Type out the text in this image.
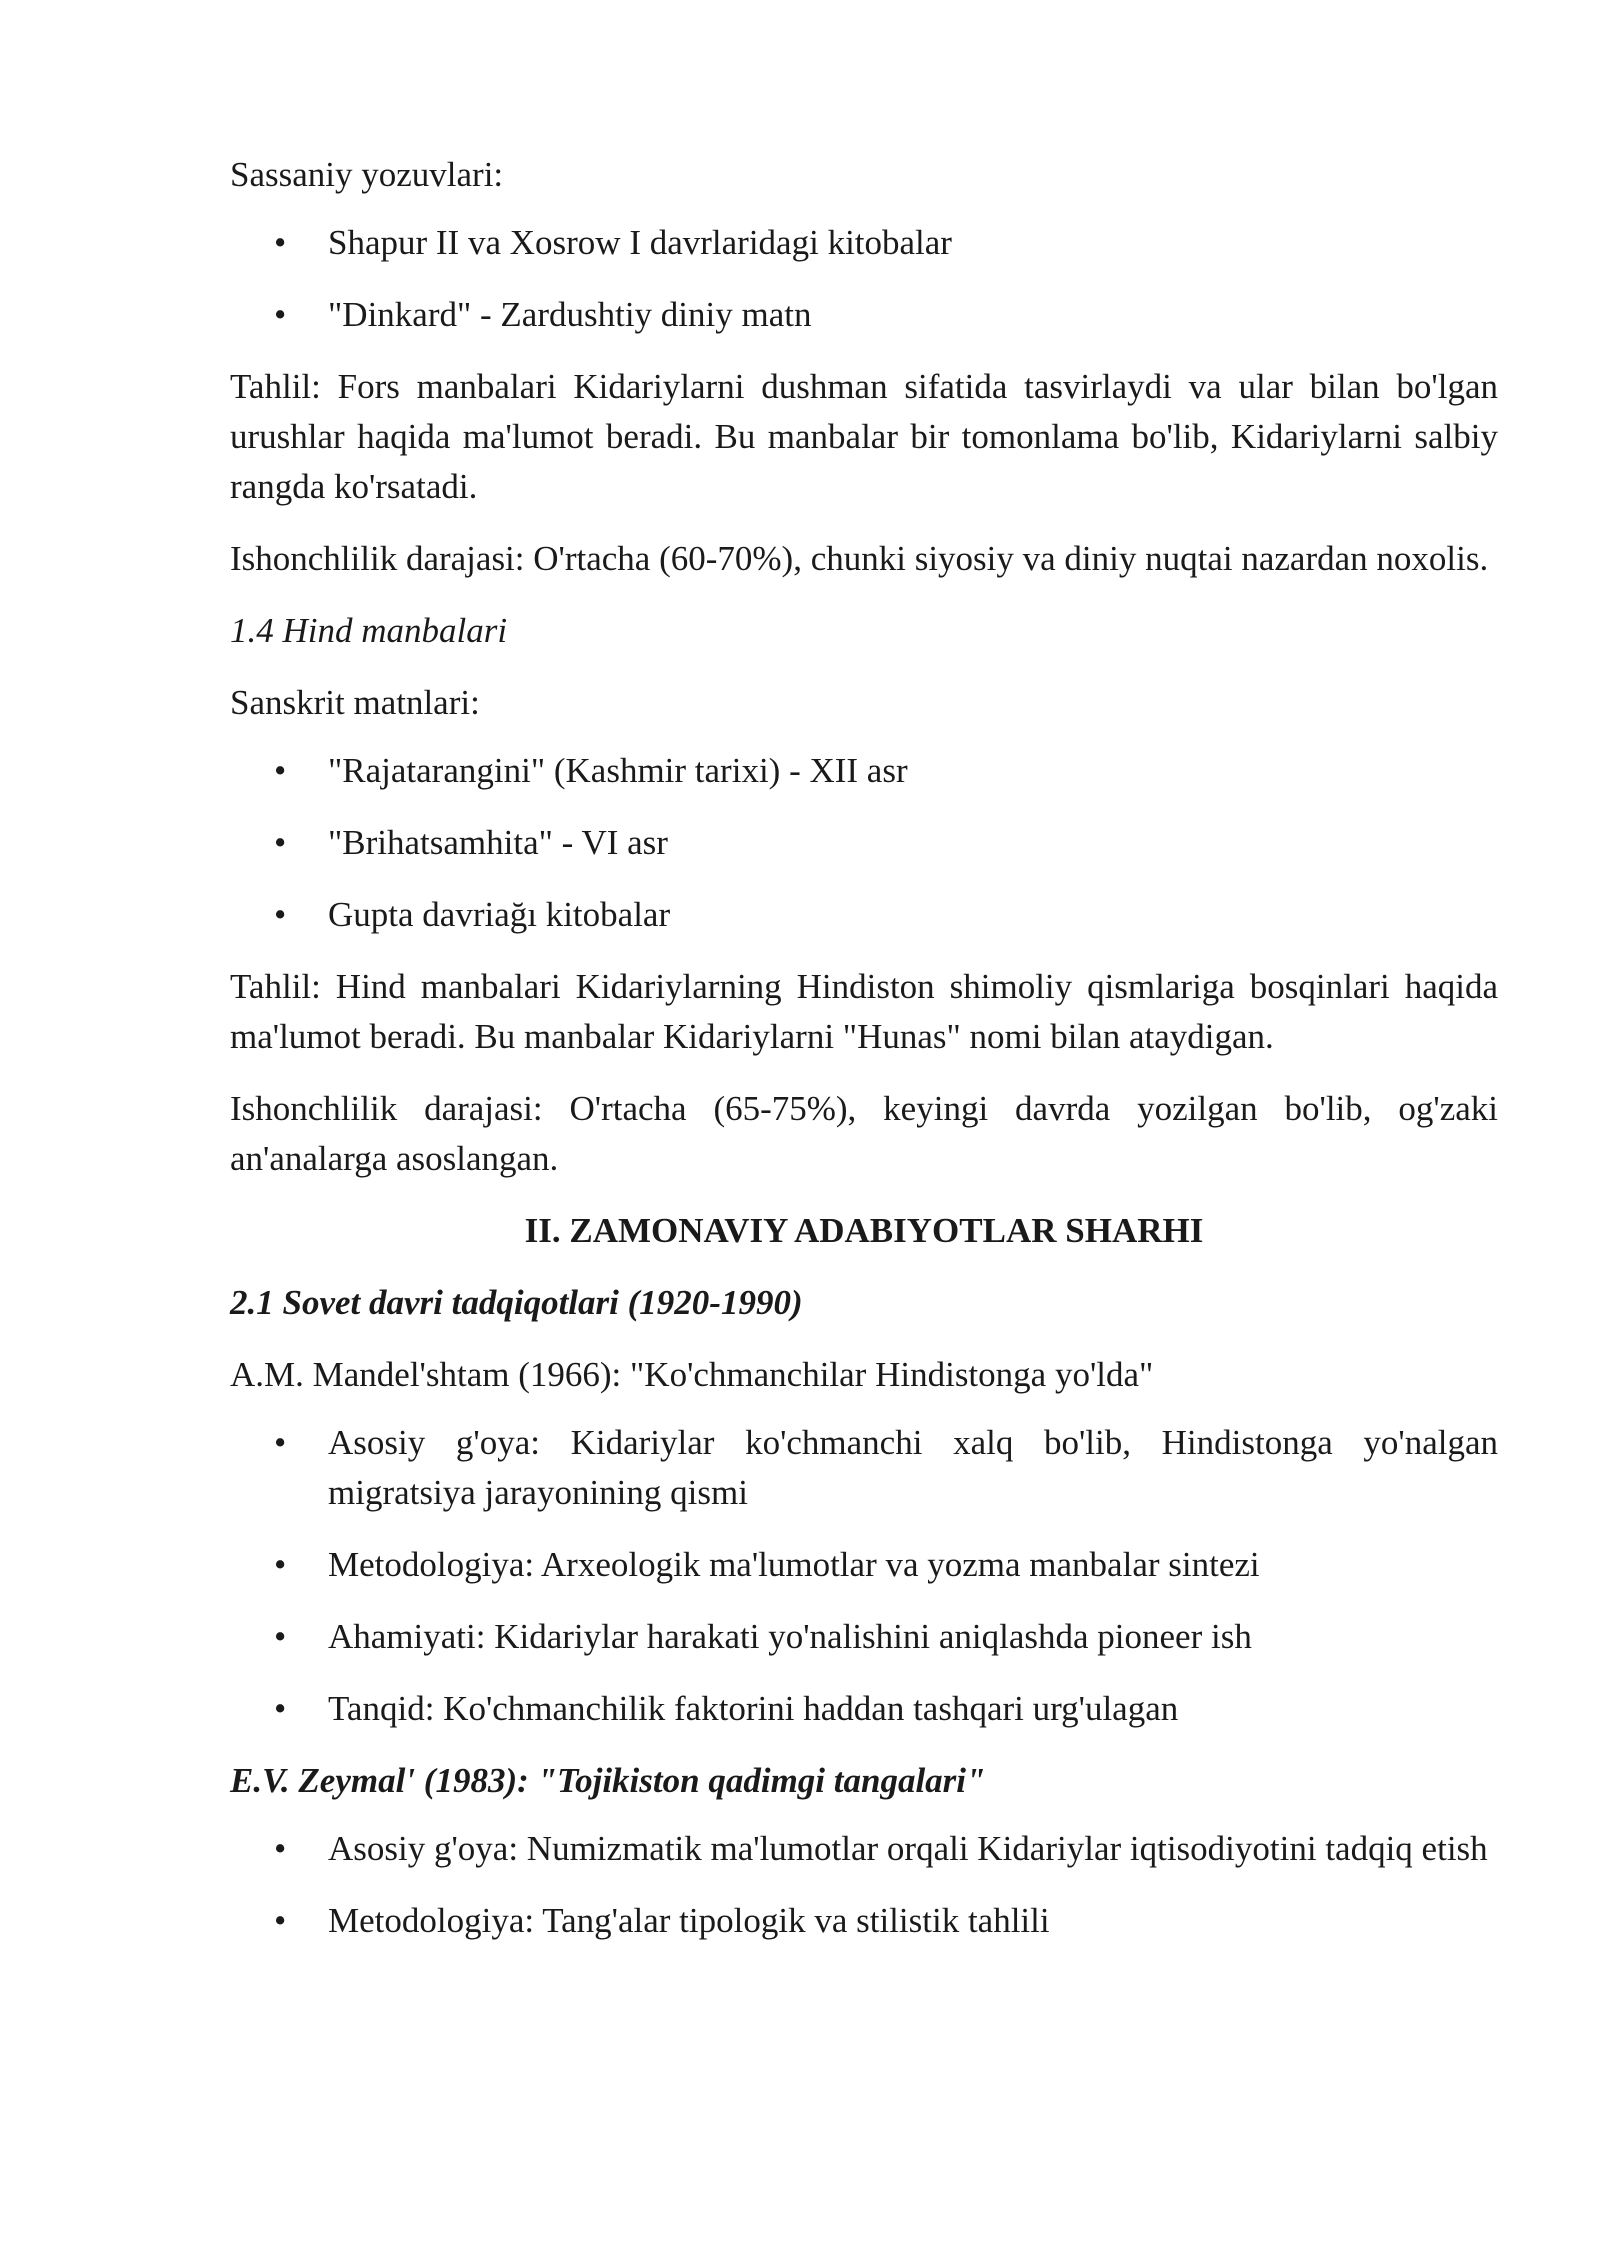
Sassaniy yozuvlari:

• Shapur II va Xosrow I davrlaridagi kitobalar
• "Dinkard" - Zardushtiy diniy matn

Tahlil: Fors manbalari Kidariylarni dushman sifatida tasvirlaydi va ular bilan bo'lgan urushlar haqida ma'lumot beradi. Bu manbalar bir tomonlama bo'lib, Kidariylarni salbiy rangda ko'rsatadi.

Ishonchlilik darajasi: O'rtacha (60-70%), chunki siyosiy va diniy nuqtai nazardan noxolis.

1.4 Hind manbalari

Sanskrit matnlari:

• "Rajatarangini" (Kashmir tarixi) - XII asr
• "Brihatsamhita" - VI asr
• Gupta davriağı kitobalar

Tahlil: Hind manbalari Kidariylarning Hindiston shimoliy qismlariga bosqinlari haqida ma'lumot beradi. Bu manbalar Kidariylarni "Hunas" nomi bilan ataydigan.

Ishonchlilik darajasi: O'rtacha (65-75%), keyingi davrda yozilgan bo'lib, og'zaki an'analarga asoslangan.

II. ZAMONAVIY ADABIYOTLAR SHARHI

2.1 Sovet davri tadqiqotlari (1920-1990)

A.M. Mandel'shtam (1966): "Ko'chmanchilar Hindistonga yo'lda"

• Asosiy g'oya: Kidariylar ko'chmanchi xalq bo'lib, Hindistonga yo'nalgan migratsiya jarayonining qismi
• Metodologiya: Arxeologik ma'lumotlar va yozma manbalar sintezi
• Ahamiyati: Kidariylar harakati yo'nalishini aniqlashda pioneer ish
• Tanqid: Ko'chmanchilik faktorini haddan tashqari urg'ulagan

E.V. Zeymal' (1983): "Tojikiston qadimgi tangalari"

• Asosiy g'oya: Numizmatik ma'lumotlar orqali Kidariylar iqtisodiyotini tadqiq etish
• Metodologiya: Tang'alar tipologik va stilistik tahlili
